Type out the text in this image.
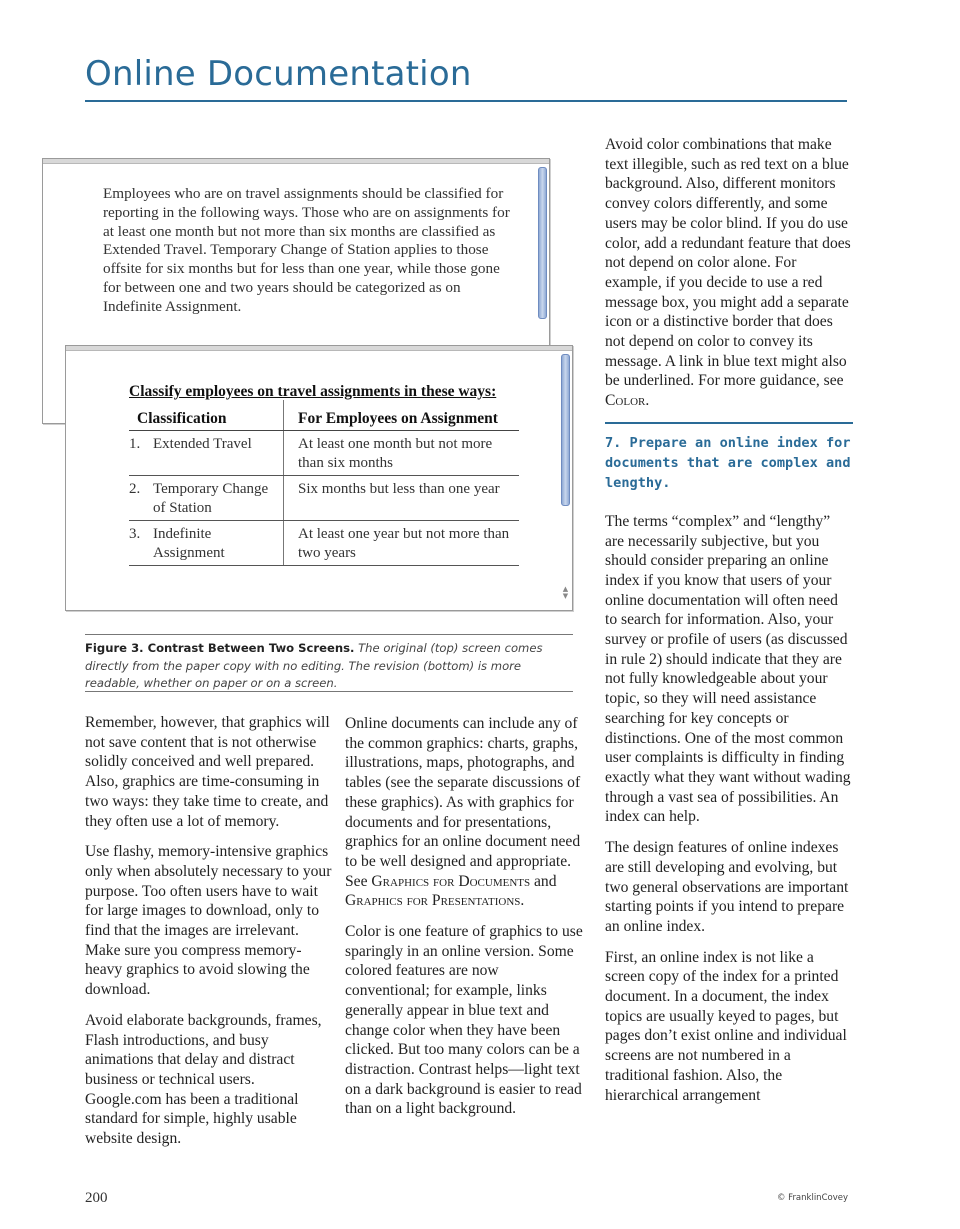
Online Documentation

Employees who are on travel assignments should be classified for reporting in the following ways. Those who are on assignments for at least one month but not more than six months are classified as Extended Travel. Temporary Change of Station applies to those offsite for six months but for less than one year, while those gone for between one and two years should be categorized as on Indefinite Assignment.

Classify employees on travel assignments in these ways:

Classification		For Employees on Assignment
1.	Extended Travel	At least one month but not more than six months
2.	Temporary Change of Station	Six months but less than one year
3.	Indefinite Assignment	At least one year but not more than two years
▲
▼

Figure 3. Contrast Between Two Screens. The original (top) screen comes directly from the paper copy with no editing. The revision (bottom) is more readable, whether on paper or on a screen.

Remember, however, that graphics will not save content that is not otherwise solidly conceived and well prepared. Also, graphics are time-consuming in two ways: they take time to create, and they often use a lot of memory.

Use flashy, memory-intensive graphics only when absolutely necessary to your purpose. Too often users have to wait for large images to download, only to find that the images are irrelevant. Make sure you compress memory-heavy graphics to avoid slowing the download.

Avoid elaborate backgrounds, frames, Flash introductions, and busy animations that delay and distract business or technical users. Google.com has been a traditional standard for simple, highly usable website design.

Online documents can include any of the common graphics: charts, graphs, illustrations, maps, photographs, and tables (see the separate discussions of these graphics). As with graphics for documents and for presentations, graphics for an online document need to be well designed and appropriate. See Graphics for Documents and Graphics for Presentations.

Color is one feature of graphics to use sparingly in an online version. Some colored features are now conventional; for example, links generally appear in blue text and change color when they have been clicked. But too many colors can be a distraction. Contrast helps—light text on a dark background is easier to read than on a light background.

Avoid color combinations that make text illegible, such as red text on a blue background. Also, different monitors convey colors differently, and some users may be color blind. If you do use color, add a redundant feature that does not depend on color alone. For example, if you decide to use a red message box, you might add a separate icon or a distinctive border that does not depend on color to convey its message. A link in blue text might also be underlined. For more guidance, see Color.

7. Prepare an online index for documents that are complex and lengthy.

The terms “complex” and “lengthy” are necessarily subjective, but you should consider preparing an online index if you know that users of your online documentation will often need to search for information. Also, your survey or profile of users (as discussed in rule 2) should indicate that they are not fully knowledgeable about your topic, so they will need assistance searching for key concepts or distinctions. One of the most common user complaints is difficulty in finding exactly what they want without wading through a vast sea of possibilities. An index can help.

The design features of online indexes are still developing and evolving, but two general observations are important starting points if you intend to prepare an online index.

First, an online index is not like a screen copy of the index for a printed document. In a document, the index topics are usually keyed to pages, but pages don’t exist online and individual screens are not numbered in a traditional fashion. Also, the hierarchical arrangement

200	© FranklinCovey
